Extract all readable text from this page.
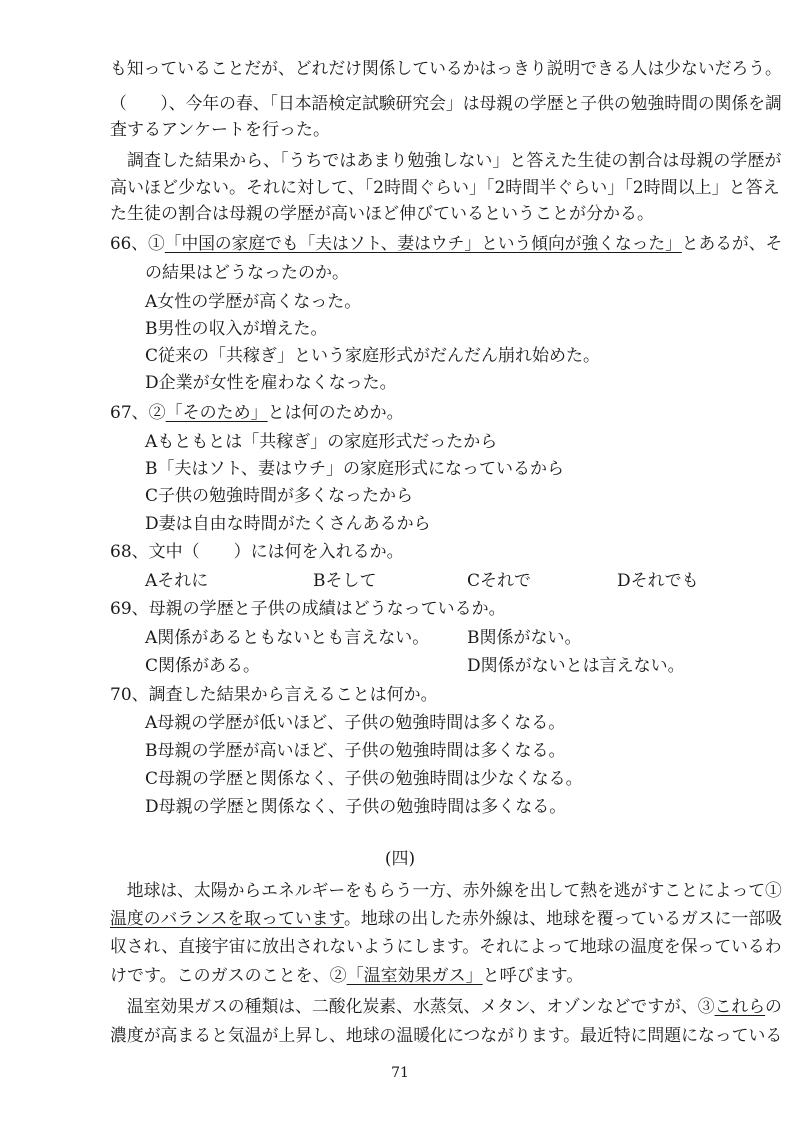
も知っていることだが、どれだけ関係しているかはっきり説明できる人は少ないだろう。
（　　）、今年の春、「日本語検定試験研究会」は母親の学歴と子供の勉強時間の関係を調
査するアンケートを行った。
　調査した結果から、「うちではあまり勉強しない」と答えた生徒の割合は母親の学歴が
高いほど少ない。それに対して、「2時間ぐらい」「2時間半ぐらい」「2時間以上」と答え
た生徒の割合は母親の学歴が高いほど伸びているということが分かる。
66、①「中国の家庭でも「夫はソト、妻はウチ」という傾向が強くなった」とあるが、そ
の結果はどうなったのか。
A女性の学歴が高くなった。
B男性の収入が増えた。
C従来の「共稼ぎ」という家庭形式がだんだん崩れ始めた。
D企業が女性を雇わなくなった。
67、②「そのため」とは何のためか。
Aもともとは「共稼ぎ」の家庭形式だったから
B「夫はソト、妻はウチ」の家庭形式になっているから
C子供の勉強時間が多くなったから
D妻は自由な時間がたくさんあるから
68、文中（　　）には何を入れるか。
Aそれに	Bそして	Cそれで	Dそれでも
69、母親の学歴と子供の成績はどうなっているか。
A関係があるともないとも言えない。 B関係がない。
C関係がある。	D関係がないとは言えない。
70、調査した結果から言えることは何か。
A母親の学歴が低いほど、子供の勉強時間は多くなる。
B母親の学歴が高いほど、子供の勉強時間は多くなる。
C母親の学歴と関係なく、子供の勉強時間は少なくなる。
D母親の学歴と関係なく、子供の勉強時間は多くなる。
(四)
　地球は、太陽からエネルギーをもらう一方、赤外線を出して熱を逃がすことによって①
温度のバランスを取っています。地球の出した赤外線は、地球を覆っているガスに一部吸
収され、直接宇宙に放出されないようにします。それによって地球の温度を保っているわ
けです。このガスのことを、②「温室効果ガス」と呼びます。
　温室効果ガスの種類は、二酸化炭素、水蒸気、メタン、オゾンなどですが、③これらの
濃度が高まると気温が上昇し、地球の温暖化につながります。最近特に問題になっている
71
